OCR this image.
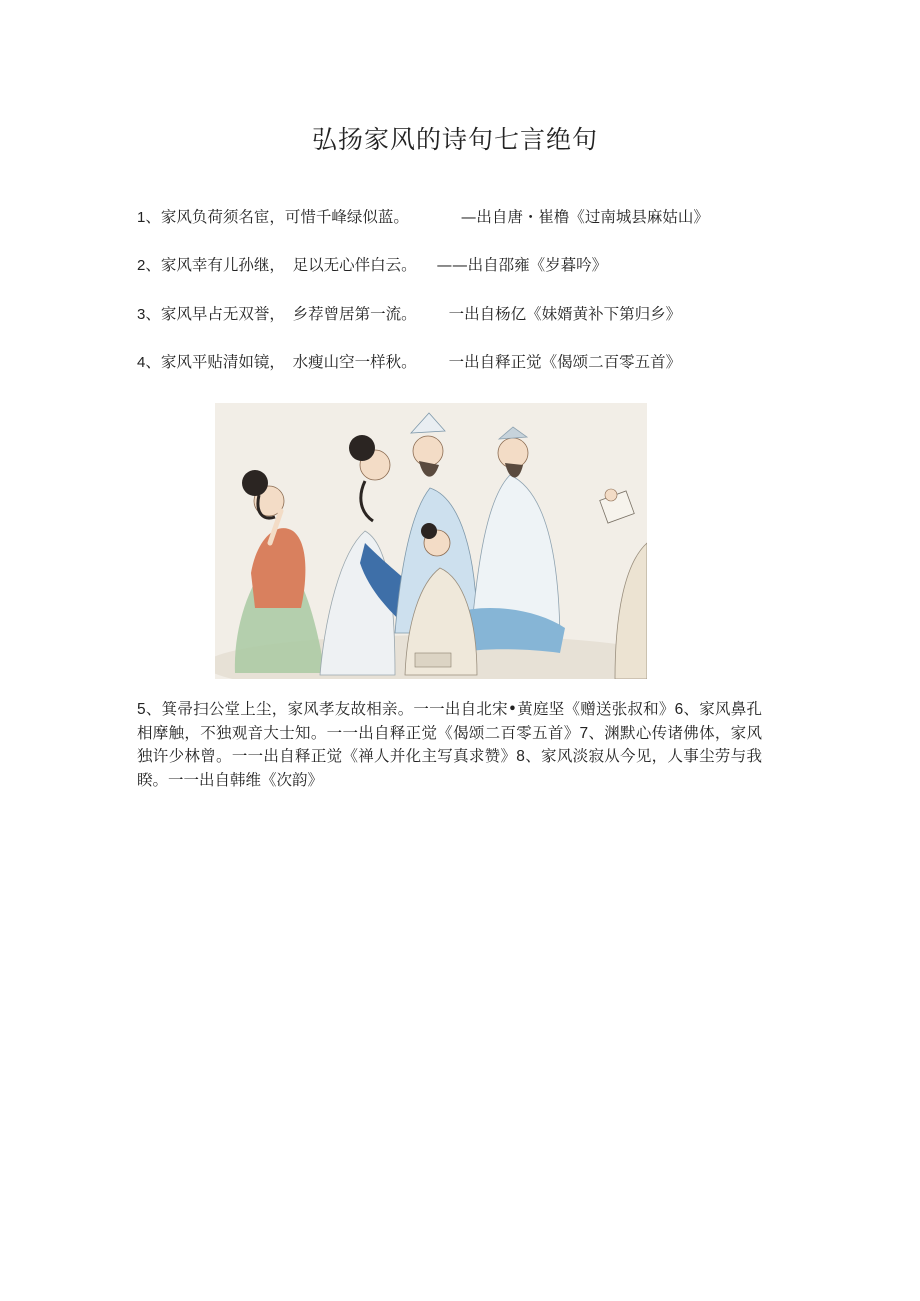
弘扬家风的诗句七言绝句
1、家风负荷须名宦，可惜千峰绿似蓝。	—出自唐・崔橹《过南城县麻姑山》
2、家风幸有儿孙继，　足以无心伴白云。 ——出自邵雍《岁暮吟》
3、家风早占无双誉，　乡荐曾居第一流。 一出自杨亿《妹婿黄补下第归乡》
4、家风平贴清如镜，　水瘦山空一样秋。 一出自释正觉《偈颂二百零五首》
5、箕帚扫公堂上尘，家风孝友故相亲。一一出自北宋•黄庭坚《赠送张叔和》6、家风鼻孔相摩触，不独观音大士知。一一出自释正觉《偈颂二百零五首》7、渊默心传诸佛体，家风独许少林曾。一一出自释正觉《禅人并化主写真求赞》8、家风淡寂从今见，人事尘劳与我睽。一一出自韩维《次韵》
